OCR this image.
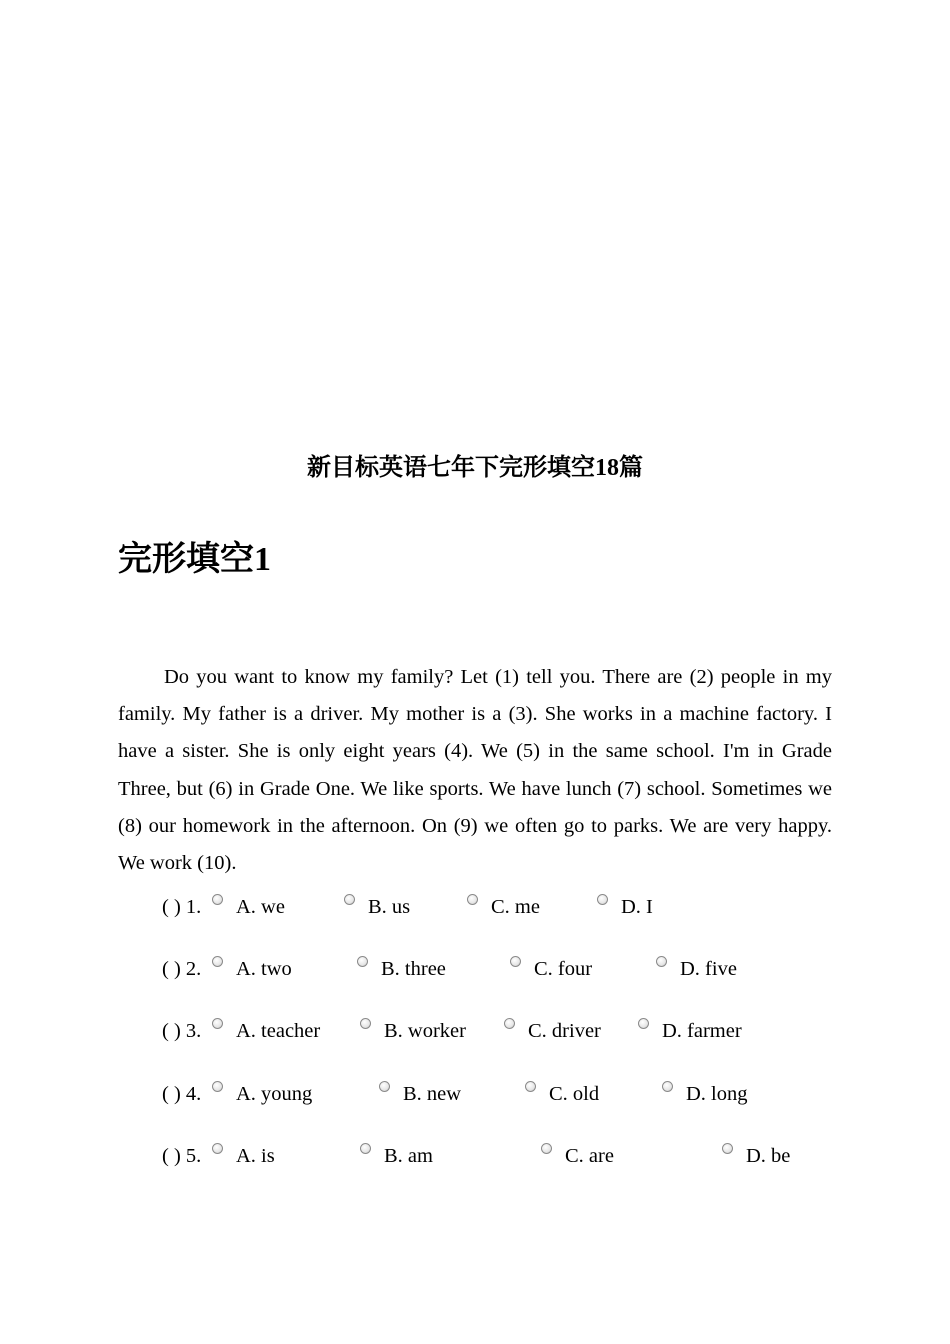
新目标英语七年下完形填空18篇
完形填空1

Do you want to know my family? Let (1) tell you. There are (2) people in my family. My father is a driver. My mother is a (3). She works in a machine factory. I have a sister. She is only eight years (4). We (5) in the same school. I'm in Grade Three, but (6) in Grade One. We like sports. We have lunch (7) school. Sometimes we (8) our homework in the afternoon. On (9) we often go to parks. We are very happy. We work (10).

( ) 1. A. we	B. us	C. me	D. I
( ) 2. A. two	B. three	C. four	D. five
( ) 3. A. teacher	B. worker	C. driver	D. farmer
( ) 4. A. young	B. new	C. old	D. long
( ) 5. A. is	B. am	C. are	D. be
